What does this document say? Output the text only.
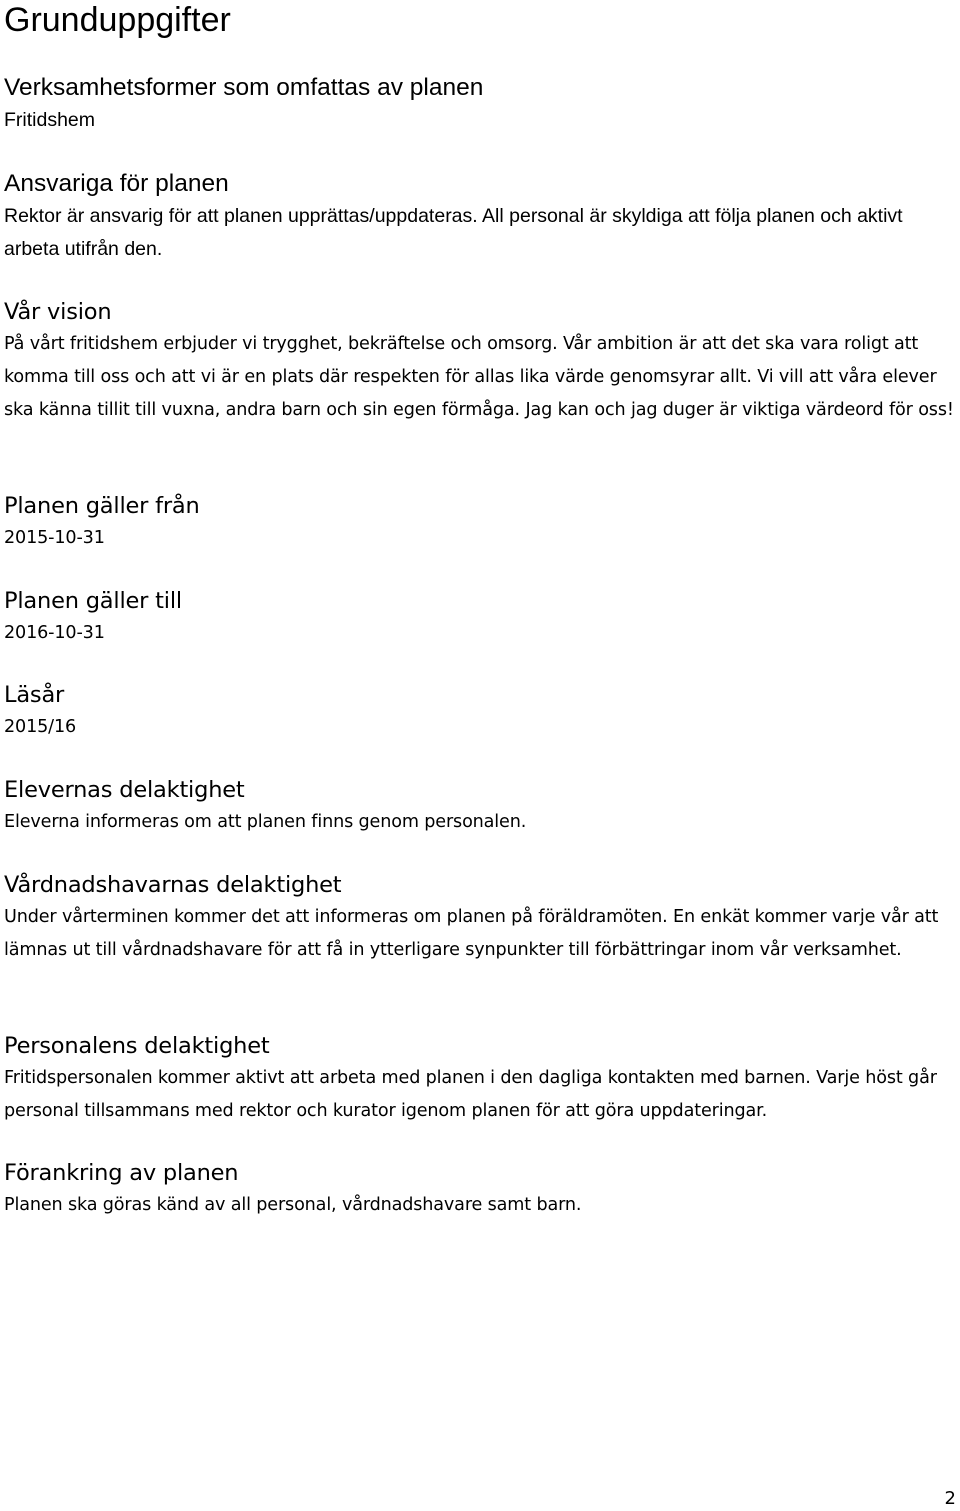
Grunduppgifter
Verksamhetsformer som omfattas av planen

Fritidshem

Ansvariga för planen

Rektor är ansvarig för att planen upprättas/uppdateras. All personal är skyldiga att följa planen och aktivt arbeta utifrån den.

Vår vision

På vårt fritidshem erbjuder vi trygghet, bekräftelse och omsorg. Vår ambition är att det ska vara roligt att komma till oss och att vi är en plats där respekten för allas lika värde genomsyrar allt. Vi vill att våra elever ska känna tillit till vuxna, andra barn och sin egen förmåga. Jag kan och jag duger är viktiga värdeord för oss!

Planen gäller från

2015-10-31

Planen gäller till

2016-10-31

Läsår

2015/16

Elevernas delaktighet

Eleverna informeras om att planen finns genom personalen.

Vårdnadshavarnas delaktighet

Under vårterminen kommer det att informeras om planen på föräldramöten. En enkät kommer varje vår att lämnas ut till vårdnadshavare för att få in ytterligare synpunkter till förbättringar inom vår verksamhet.

Personalens delaktighet

Fritidspersonalen kommer aktivt att arbeta med planen i den dagliga kontakten med barnen. Varje höst går personal tillsammans med rektor och kurator igenom planen för att göra uppdateringar.

Förankring av planen

Planen ska göras känd av all personal, vårdnadshavare samt barn.

2
